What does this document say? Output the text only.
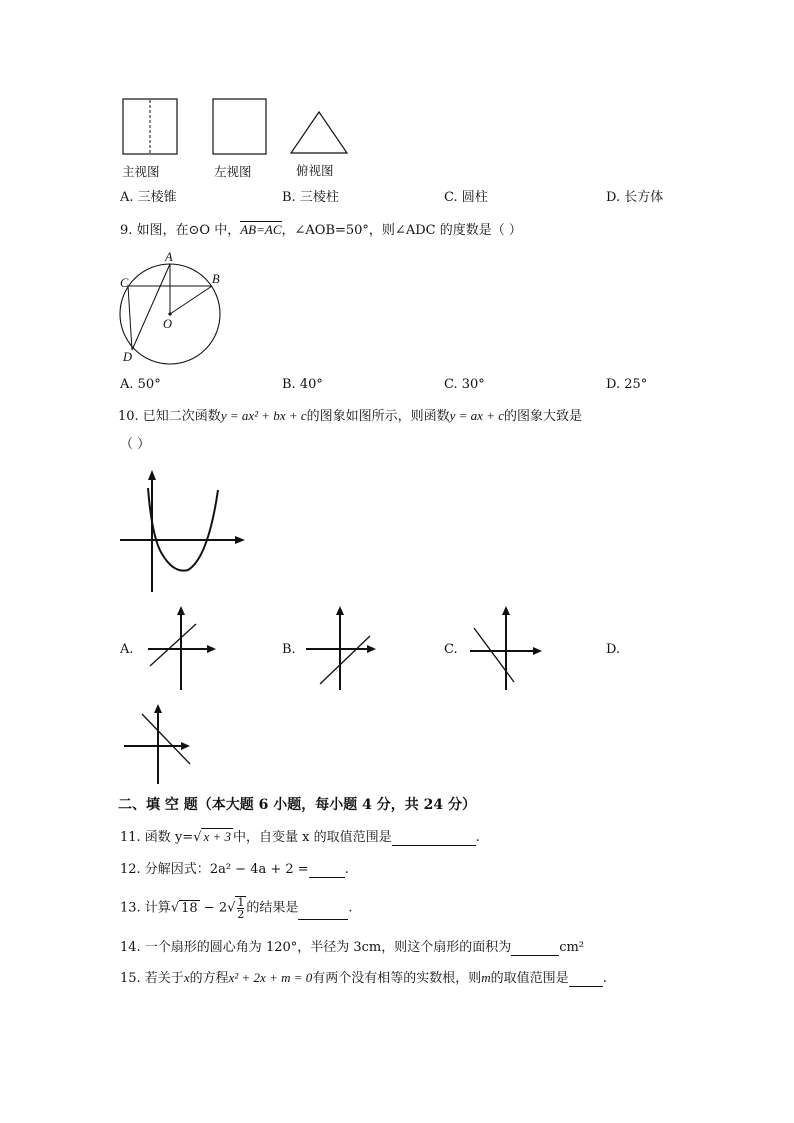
主视图	左视图	俯视图
A. 三棱锥	B. 三棱柱	C. 圆柱	D. 长方体
9. 如图，在⊙O 中，AB=AC，∠AOB=50°，则∠ADC 的度数是（ ）
A
B
C
O
D
A. 50°	B. 40°	C. 30°	D. 25°
10. 已知二次函数y = ax² + bx + c的图象如图所示，则函数y = ax + c的图象大致是
（ ）
A.	B.	C.	D.
二、填 空 题（本大题 6 小题，每小题 4 分，共 24 分）
11. 函数 y=√ x + 3 中，自变量 x 的取值范围是	.
12. 分解因式：2a² − 4a + 2 =	.
13. 计算√ $18 - 2√ \frac{1}{2}$ 的结果是	.
14. 一个扇形的圆心角为 120°，半径为 3cm，则这个扇形的面积为	cm²
15. 若关于x的方程x² + 2x + m = 0有两个没有相等的实数根，则m的取值范围是	.
